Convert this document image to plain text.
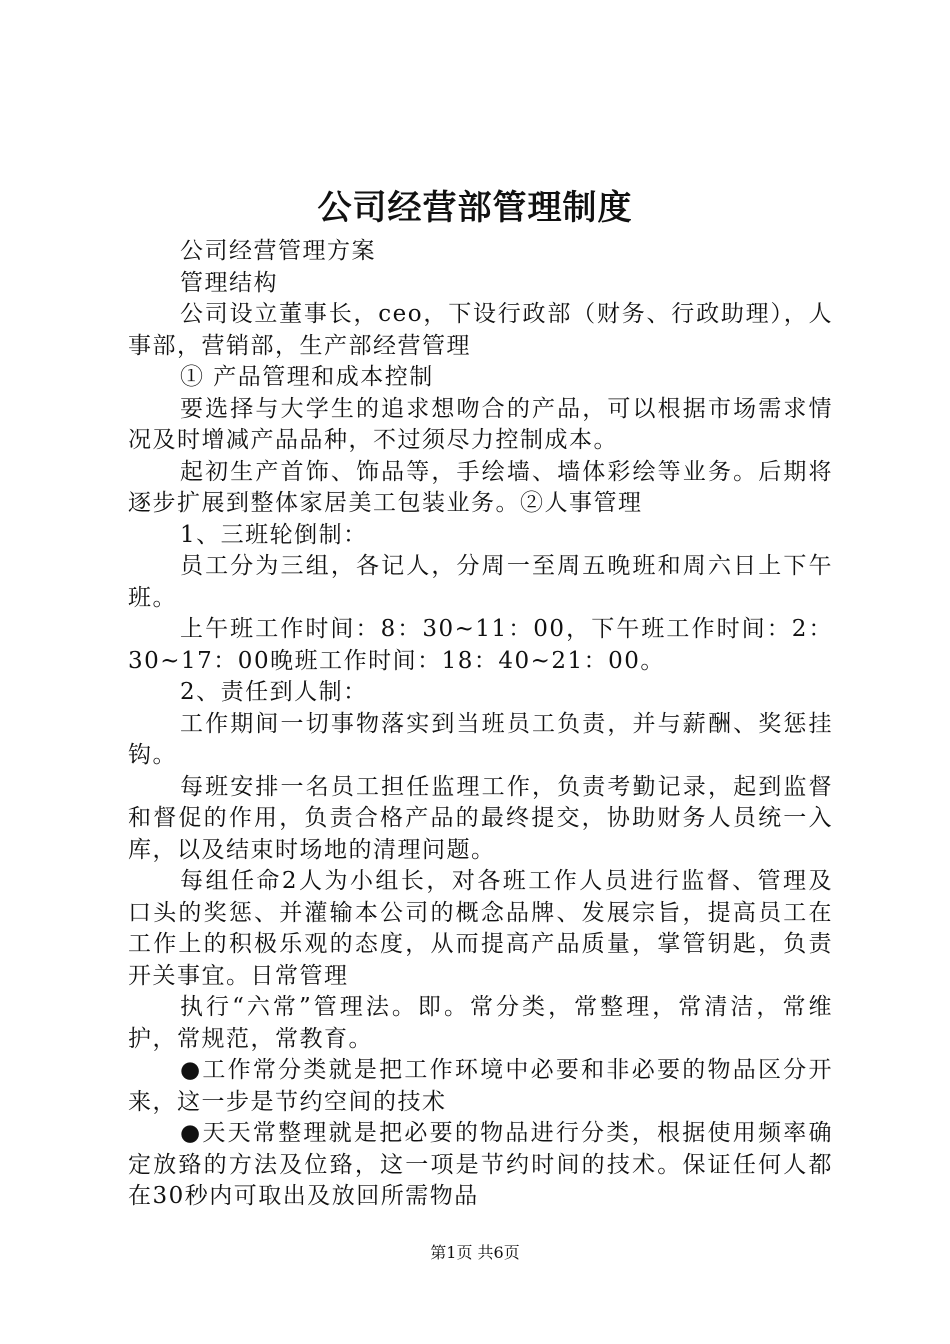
公司经营部管理制度

公司经营管理方案

管理结构

公司设立董事长，ceo，下设行政部（财务、行政助理），人事部，营销部，生产部经营管理

① 产品管理和成本控制

要选择与大学生的追求想吻合的产品，可以根据市场需求情况及时增减产品品种，不过须尽力控制成本。

起初生产首饰、饰品等，手绘墙、墙体彩绘等业务。后期将逐步扩展到整体家居美工包装业务。②人事管理

1、三班轮倒制：

员工分为三组，各记人，分周一至周五晚班和周六日上下午班。

上午班工作时间：8：30~11：00，下午班工作时间：2：30~17：00晚班工作时间：18：40~21：00。

2、责任到人制：

工作期间一切事物落实到当班员工负责，并与薪酬、奖惩挂钩。

每班安排一名员工担任监理工作，负责考勤记录，起到监督和督促的作用，负责合格产品的最终提交，协助财务人员统一入库，以及结束时场地的清理问题。

每组任命2人为小组长，对各班工作人员进行监督、管理及口头的奖惩、并灌输本公司的概念品牌、发展宗旨，提高员工在工作上的积极乐观的态度，从而提高产品质量，掌管钥匙，负责开关事宜。日常管理

执行“六常”管理法。即。常分类，常整理，常清洁，常维护，常规范，常教育。

●工作常分类就是把工作环境中必要和非必要的物品区分开来，这一步是节约空间的技术

●天天常整理就是把必要的物品进行分类，根据使用频率确定放臵的方法及位臵，这一项是节约时间的技术。保证任何人都在30秒内可取出及放回所需物品

第1页 共6页
